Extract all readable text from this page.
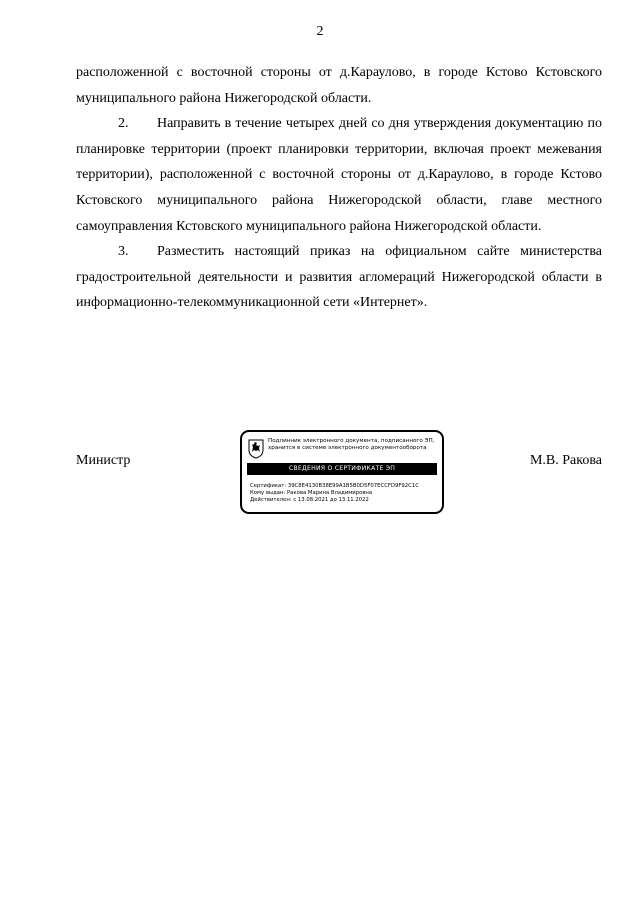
2

расположенной с восточной стороны от д.Караулово, в городе Кстово Кстовского муниципального района Нижегородской области.

2. Направить в течение четырех дней со дня утверждения документацию по планировке территории (проект планировки территории, включая проект межевания территории), расположенной с восточной стороны от д.Караулово, в городе Кстово Кстовского муниципального района Нижегородской области, главе местного самоуправления Кстовского муниципального района Нижегородской области.

3. Разместить настоящий приказ на официальном сайте министерства градостроительной деятельности и развития агломераций Нижегородской области в информационно-телекоммуникационной сети «Интернет».

Министр
Подлинник электронного документа, подписанного ЭП, хранится в системе электронного документооборота
СВЕДЕНИЯ О СЕРТИФИКАТЕ ЭП
Сертификат: 39C8E4130B38E99A1B5B0D5F07ECCFD9F92C1C
Кому выдан: Ракова Марина Владимировна
Действителен: с 13.08.2021 до 13.11.2022
М.В. Ракова
